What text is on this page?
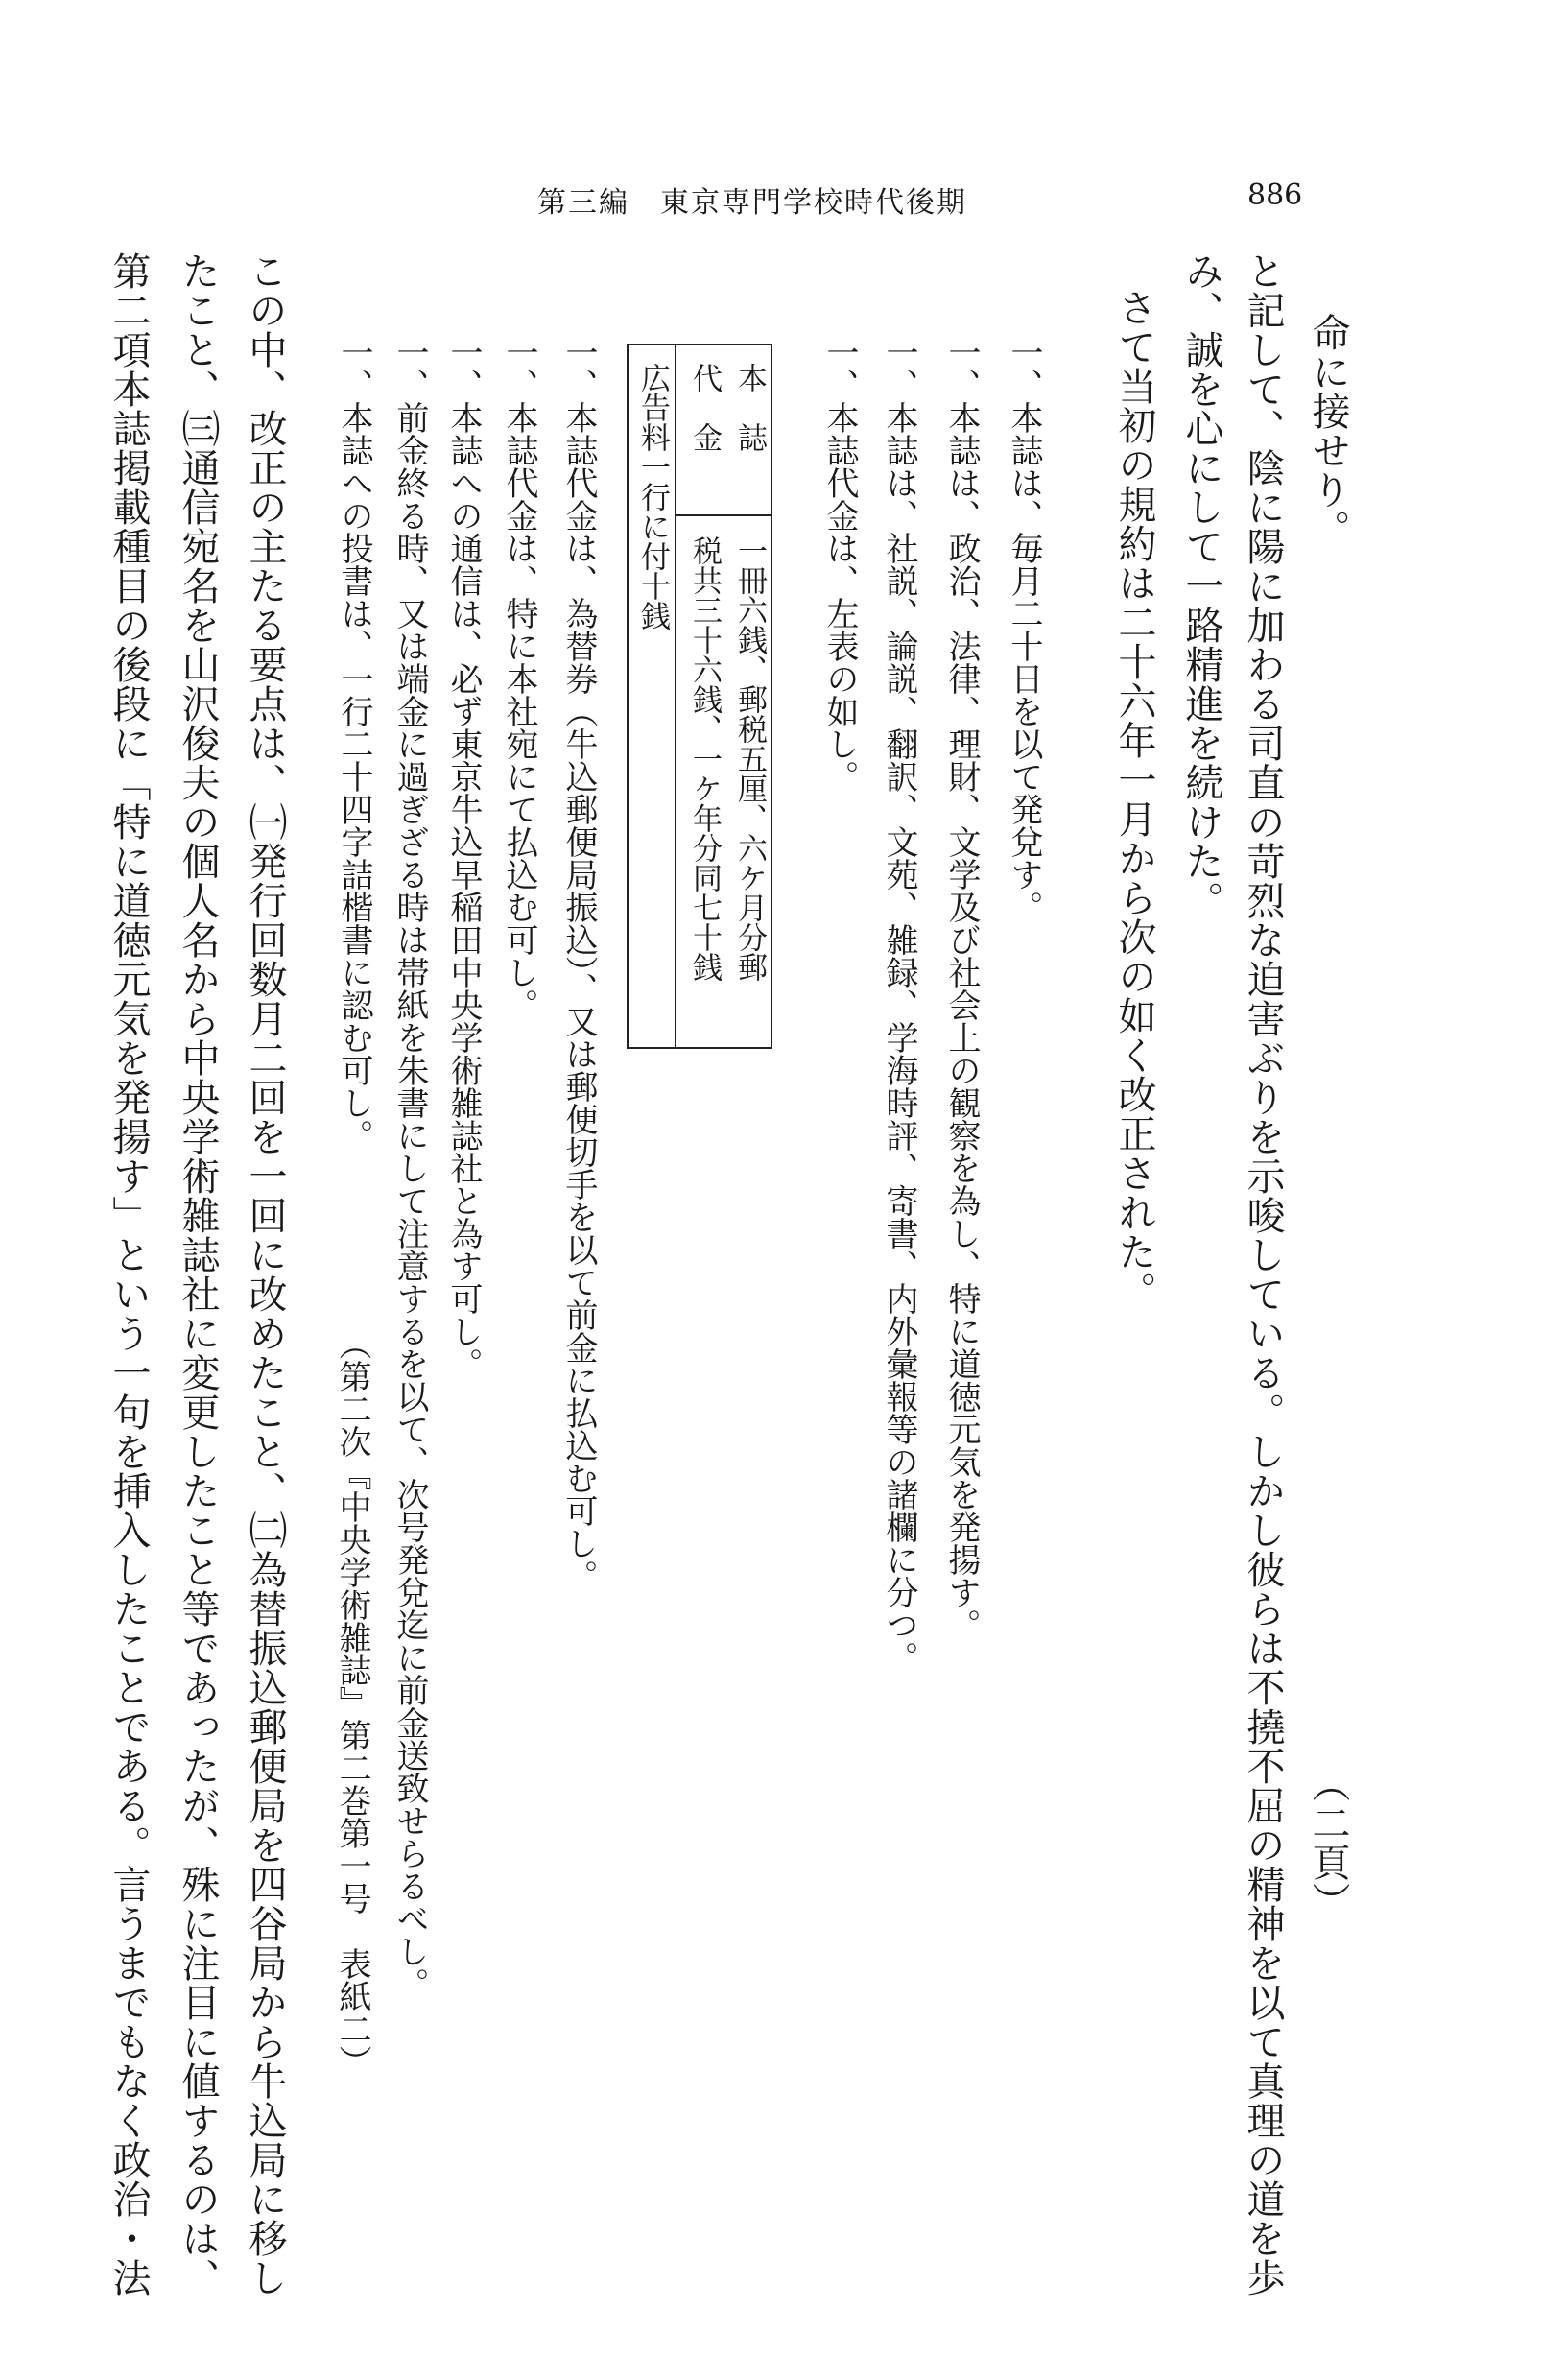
第三編　東京専門学校時代後期	886
命に接せり。
（二頁）
と記して、陰に陽に加わる司直の苛烈な迫害ぶりを示唆している。しかし彼らは不撓不屈の精神を以て真理の道を歩
み、誠を心にして一路精進を続けた。
さて当初の規約は二十六年一月から次の如く改正された。
一、本誌は、毎月二十日を以て発兌す。
一、本誌は、政治、法律、理財、文学及び社会上の観察を為し、特に道徳元気を発揚す。
一、本誌は、社説、論説、翻訳、文苑、雑録、学海時評、寄書、内外彙報等の諸欄に分つ。
一、本誌代金は、左表の如し。
本　誌
一冊六銭、郵税五厘、六ケ月分郵
代　金
税共三十六銭、一ケ年分同七十銭
広告料一行に付十銭
一、本誌代金は、為替券（牛込郵便局振込）、又は郵便切手を以て前金に払込む可し。
一、本誌代金は、特に本社宛にて払込む可し。
一、本誌への通信は、必ず東京牛込早稲田中央学術雑誌社と為す可し。
一、前金終る時、又は端金に過ぎざる時は帯紙を朱書にして注意するを以て、次号発兌迄に前金送致せらるべし。
一、本誌への投書は、一行二十四字詰楷書に認む可し。
（第二次『中央学術雑誌』第二巻第一号　表紙二）
この中、改正の主たる要点は、㈠発行回数月二回を一回に改めたこと、㈡為替振込郵便局を四谷局から牛込局に移し
たこと、㈢通信宛名を山沢俊夫の個人名から中央学術雑誌社に変更したこと等であったが、殊に注目に値するのは、
第二項本誌掲載種目の後段に「特に道徳元気を発揚す」という一句を挿入したことである。言うまでもなく政治・法
